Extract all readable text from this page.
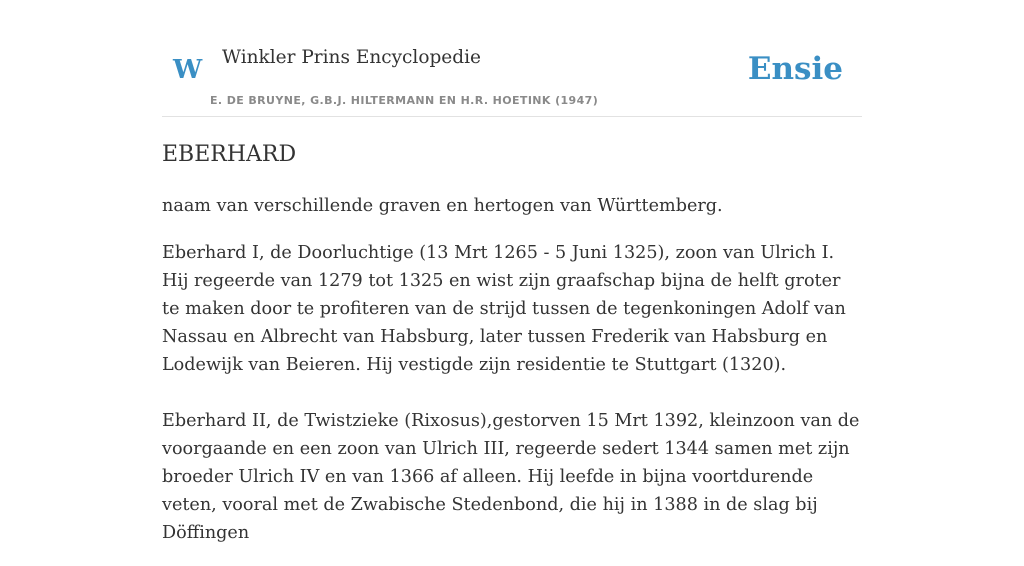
W Winkler Prins Encyclopedie
E. DE BRUYNE, G.B.J. HILTERMANN EN H.R. HOETINK (1947)
Ensie
EBERHARD

naam van verschillende graven en hertogen van Württemberg.

Eberhard I, de Doorluchtige (13 Mrt 1265 - 5 Juni 1325), zoon van Ulrich I. Hij regeerde van 1279 tot 1325 en wist zijn graafschap bijna de helft groter te maken door te profiteren van de strijd tussen de tegenkoningen Adolf van Nassau en Albrecht van Habsburg, later tussen Frederik van Habsburg en Lodewijk van Beieren. Hij vestigde zijn residentie te Stuttgart (1320).

Eberhard II, de Twistzieke (Rixosus),gestorven 15 Mrt 1392, kleinzoon van de voorgaande en een zoon van Ulrich III, regeerde sedert 1344 samen met zijn broeder Ulrich IV en van 1366 af alleen. Hij leefde in bijna voortdurende veten, vooral met de Zwabische Stedenbond, die hij in 1388 in de slag bij Döffingen
